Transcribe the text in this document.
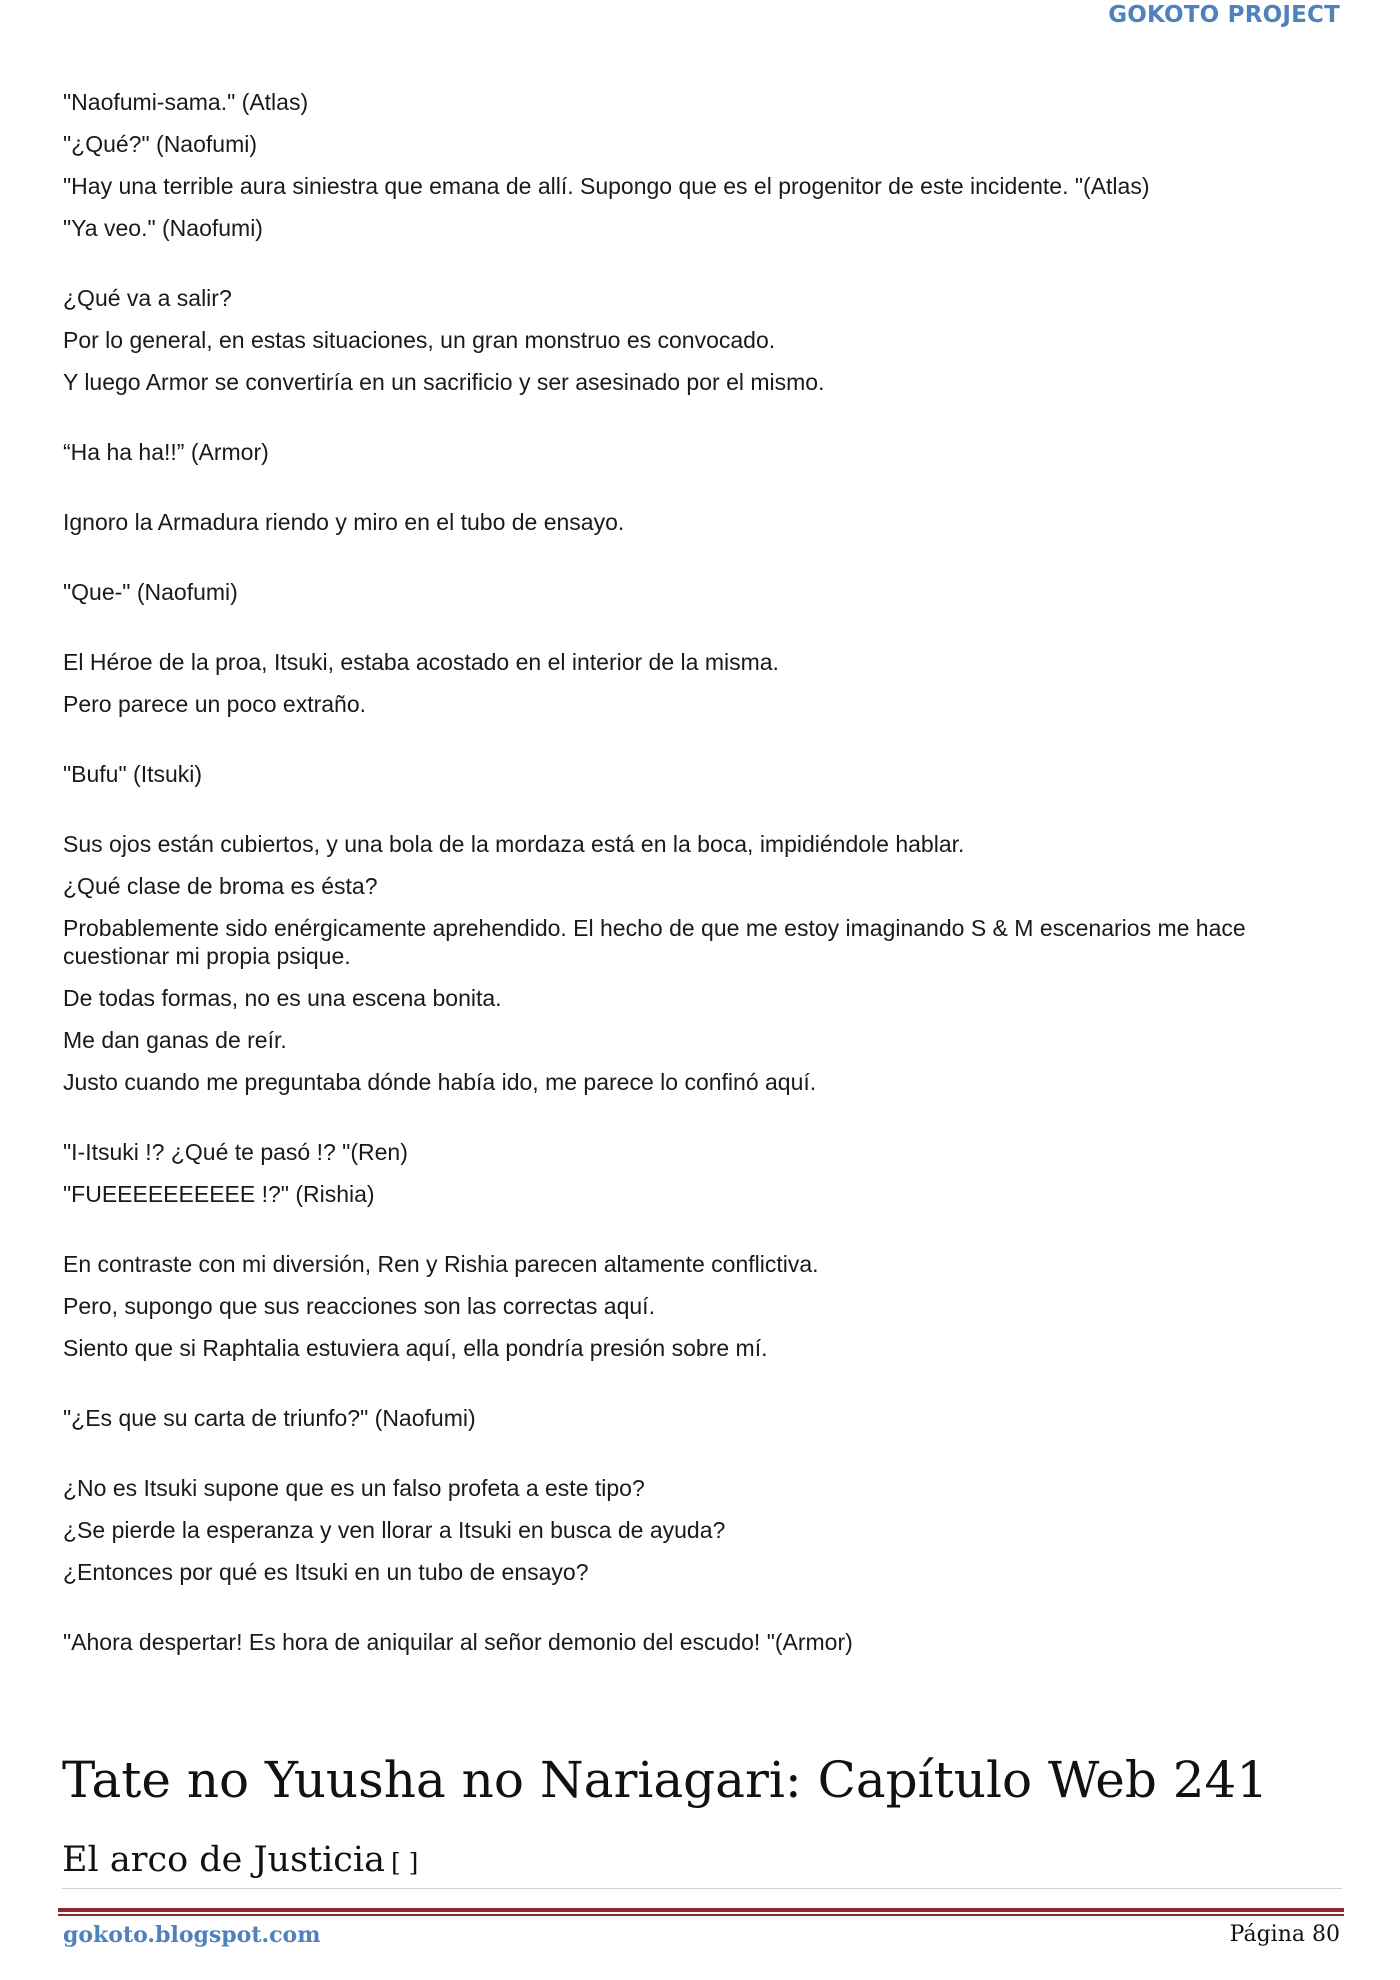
GOKOTO PROJECT

"Naofumi-sama." (Atlas)

"¿Qué?" (Naofumi)

"Hay una terrible aura siniestra que emana de allí. Supongo que es el progenitor de este incidente. "(Atlas)

"Ya veo." (Naofumi)

¿Qué va a salir?

Por lo general, en estas situaciones, un gran monstruo es convocado.

Y luego Armor se convertiría en un sacrificio y ser asesinado por el mismo.

“Ha ha ha!!” (Armor)

Ignoro la Armadura riendo y miro en el tubo de ensayo.

"Que-" (Naofumi)

El Héroe de la proa, Itsuki, estaba acostado en el interior de la misma.

Pero parece un poco extraño.

"Bufu" (Itsuki)

Sus ojos están cubiertos, y una bola de la mordaza está en la boca, impidiéndole hablar.

¿Qué clase de broma es ésta?

Probablemente sido enérgicamente aprehendido. El hecho de que me estoy imaginando S & M escenarios me hace cuestionar mi propia psique.

De todas formas, no es una escena bonita.

Me dan ganas de reír.

Justo cuando me preguntaba dónde había ido, me parece lo confinó aquí.

"I-Itsuki !? ¿Qué te pasó !? "(Ren)

"FUEEEEEEEEEE !?" (Rishia)

En contraste con mi diversión, Ren y Rishia parecen altamente conflictiva.

Pero, supongo que sus reacciones son las correctas aquí.

Siento que si Raphtalia estuviera aquí, ella pondría presión sobre mí.

"¿Es que su carta de triunfo?" (Naofumi)

¿No es Itsuki supone que es un falso profeta a este tipo?

¿Se pierde la esperanza y ven llorar a Itsuki en busca de ayuda?

¿Entonces por qué es Itsuki en un tubo de ensayo?

"Ahora despertar! Es hora de aniquilar al señor demonio del escudo! "(Armor)

Tate no Yuusha no Nariagari: Capítulo Web 241
El arco de Justicia [ ]
gokoto.blogspot.com	Página 80
